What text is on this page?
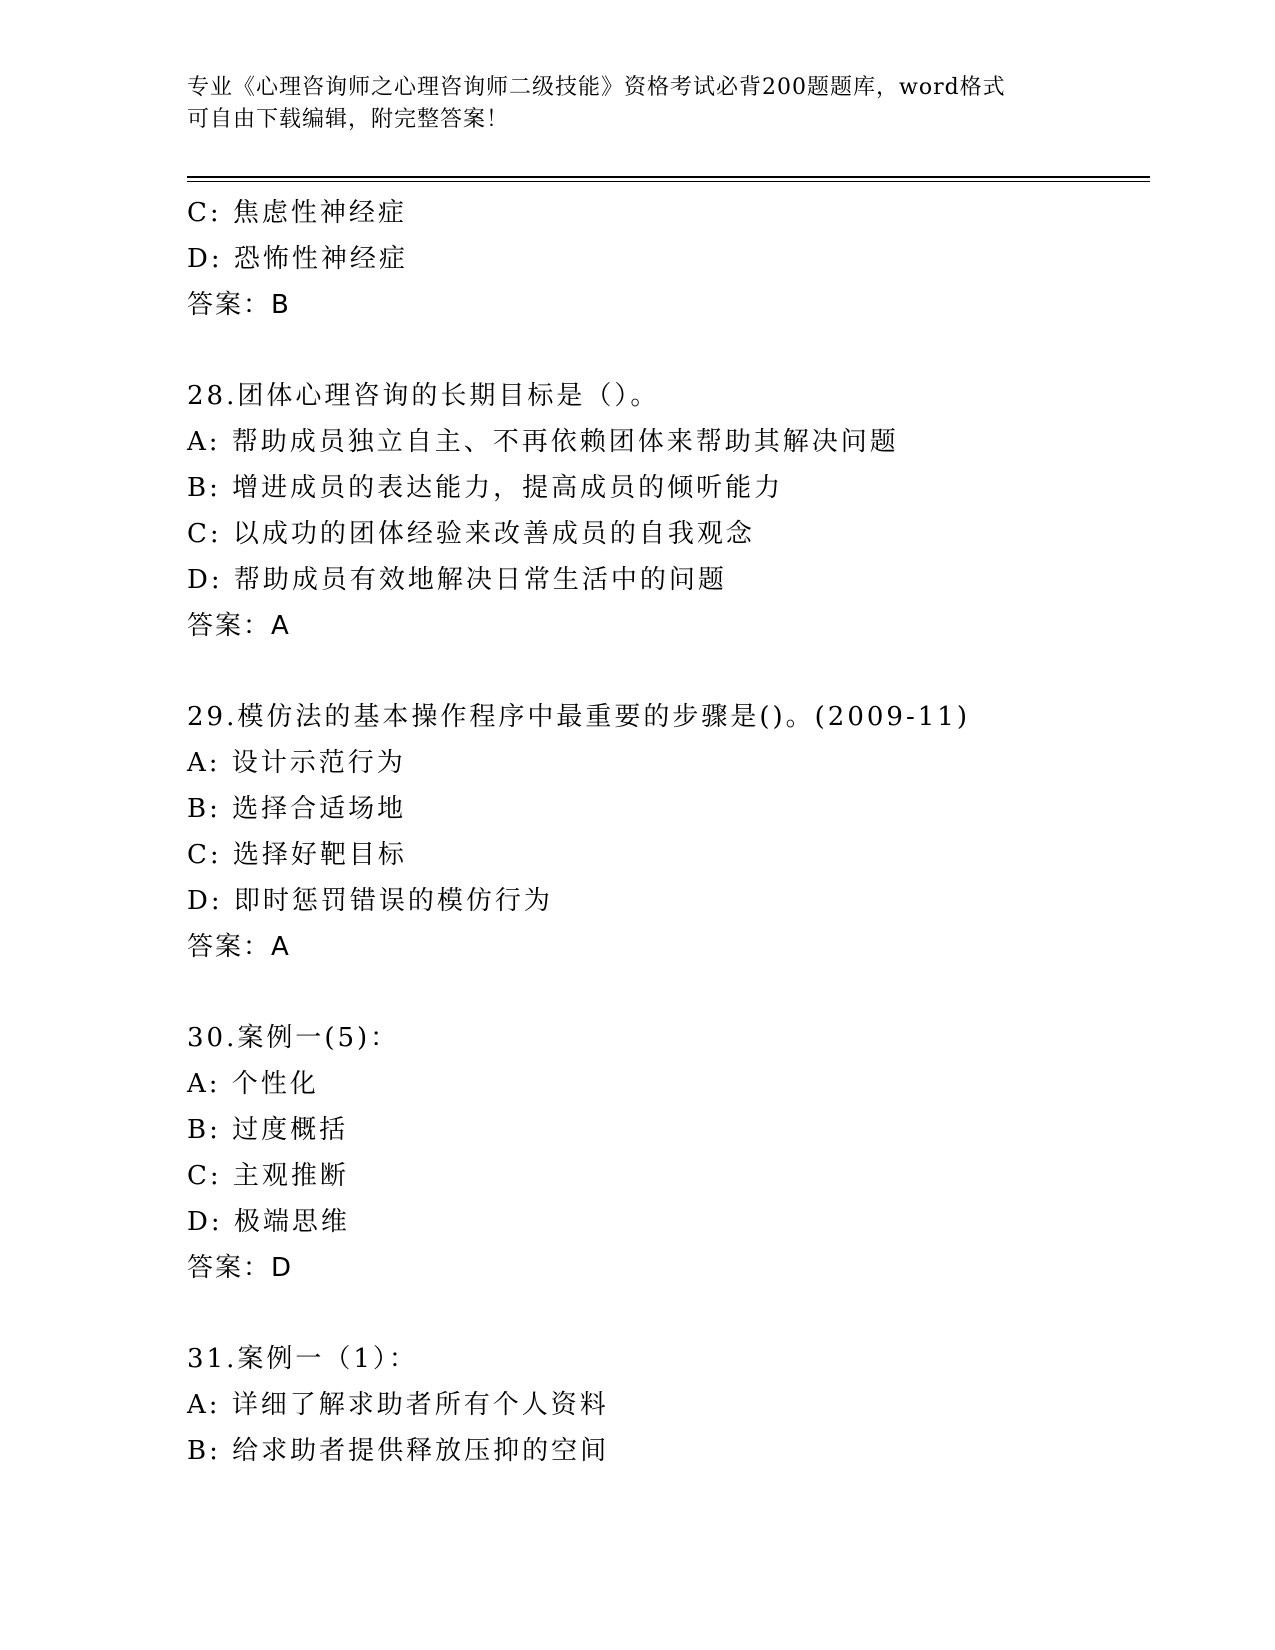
专业《心理咨询师之心理咨询师二级技能》资格考试必背200题题库，word格式
可自由下载编辑，附完整答案！
C: 焦虑性神经症
D: 恐怖性神经症
答案：B
28.团体心理咨询的长期目标是（）。
A: 帮助成员独立自主、不再依赖团体来帮助其解决问题
B: 增进成员的表达能力，提高成员的倾听能力
C: 以成功的团体经验来改善成员的自我观念
D: 帮助成员有效地解决日常生活中的问题
答案：A
29.模仿法的基本操作程序中最重要的步骤是()。(2009-11)
A: 设计示范行为
B: 选择合适场地
C: 选择好靶目标
D: 即时惩罚错误的模仿行为
答案：A
30.案例一(5)：
A: 个性化
B: 过度概括
C: 主观推断
D: 极端思维
答案：D
31.案例一（1）：
A: 详细了解求助者所有个人资料
B: 给求助者提供释放压抑的空间
